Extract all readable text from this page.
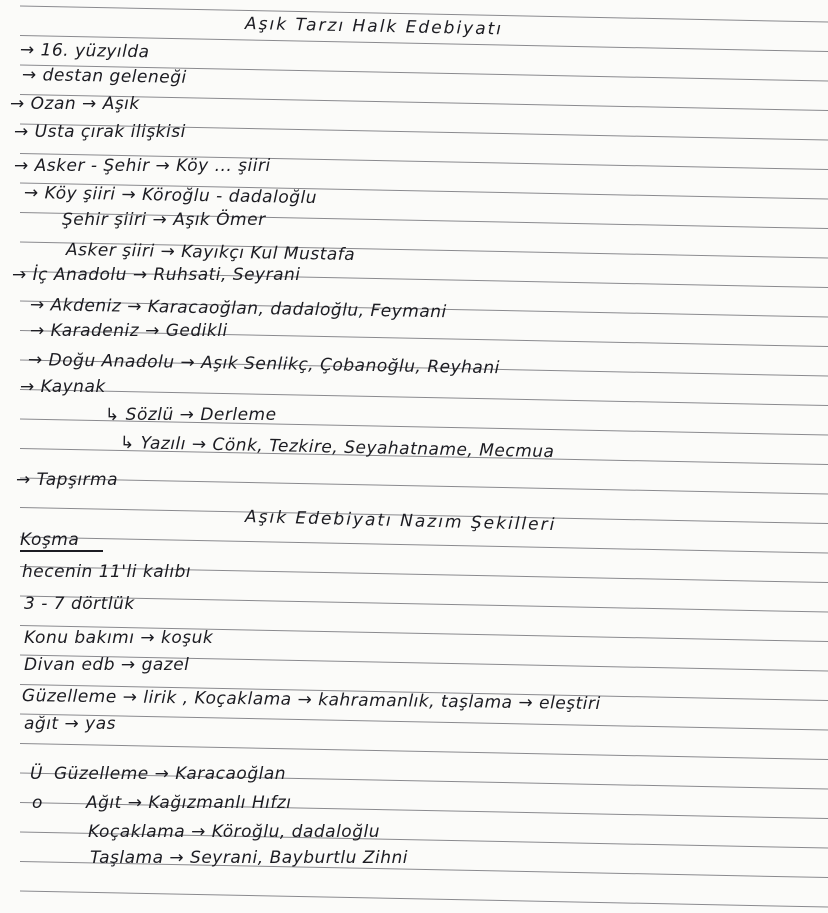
Aşık Tarzı Halk Edebiyatı
→ 16. yüzyılda
→ destan geleneği
→ Ozan → Aşık
→ Usta çırak ilişkisi
→ Asker - Şehir → Köy ... şiiri
→ Köy şiiri → Köroğlu - dadaloğlu
Şehir şiiri → Aşık Ömer
Asker şiiri → Kayıkçı Kul Mustafa
→ İç Anadolu → Ruhsati, Seyrani
→ Akdeniz → Karacaoğlan, dadaloğlu, Feymani
→ Karadeniz → Gedikli
→ Doğu Anadolu → Aşık Senlikç, Çobanoğlu, Reyhani
→ Kaynak
↳ Sözlü → Derleme
↳ Yazılı → Cönk, Tezkire, Seyahatname, Mecmua
→ Tapşırma
Aşık Edebiyatı Nazım Şekilleri
Koşma
hecenin 11'li kalıbı
3 - 7 dörtlük
Konu bakımı → koşuk
Divan edb → gazel
Güzelleme → lirik , Koçaklama → kahramanlık, taşlama → eleştiri
ağıt → yas
Ü
o
Güzelleme → Karacaoğlan
Ağıt → Kağızmanlı Hıfzı
Koçaklama → Köroğlu, dadaloğlu
Taşlama → Seyrani, Bayburtlu Zihni
